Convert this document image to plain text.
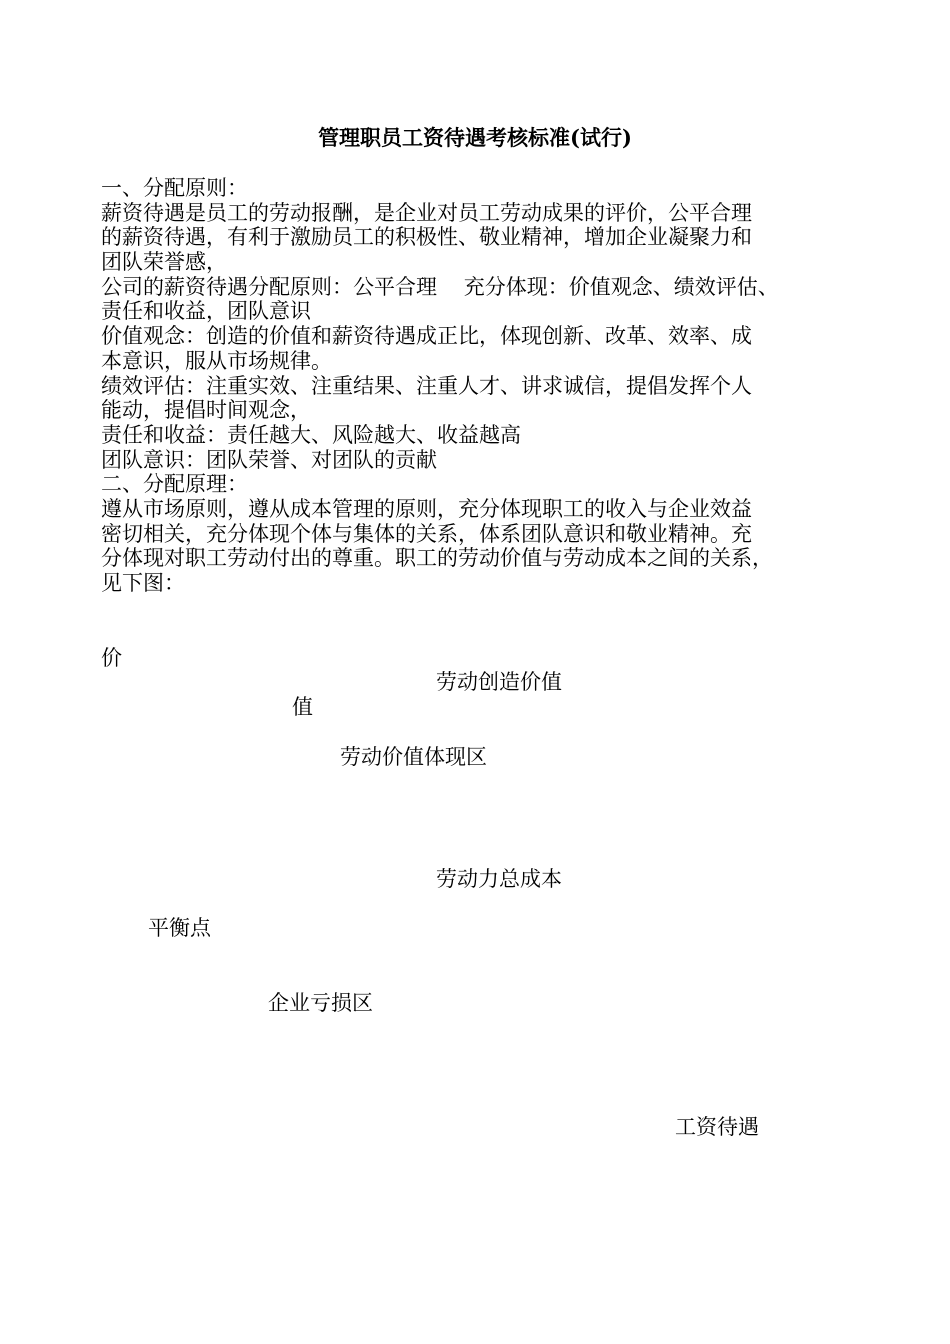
管理职员工资待遇考核标准(试行)
一、分配原则：
薪资待遇是员工的劳动报酬，是企业对员工劳动成果的评价，公平合理
的薪资待遇，有利于激励员工的积极性、敬业精神，增加企业凝聚力和
团队荣誉感，
公司的薪资待遇分配原则：公平合理    充分体现：价值观念、绩效评估、
责任和收益，团队意识
价值观念：创造的价值和薪资待遇成正比，体现创新、改革、效率、成
本意识，服从市场规律。
绩效评估：注重实效、注重结果、注重人才、讲求诚信，提倡发挥个人
能动，提倡时间观念，
责任和收益：责任越大、风险越大、收益越高
团队意识：团队荣誉、对团队的贡献
二、分配原理：
遵从市场原则，遵从成本管理的原则，充分体现职工的收入与企业效益
密切相关，充分体现个体与集体的关系，体系团队意识和敬业精神。充
分体现对职工劳动付出的尊重。职工的劳动价值与劳动成本之间的关系，
见下图：
价
劳动创造价值
值
劳动价值体现区
劳动力总成本
平衡点
企业亏损区
工资待遇
